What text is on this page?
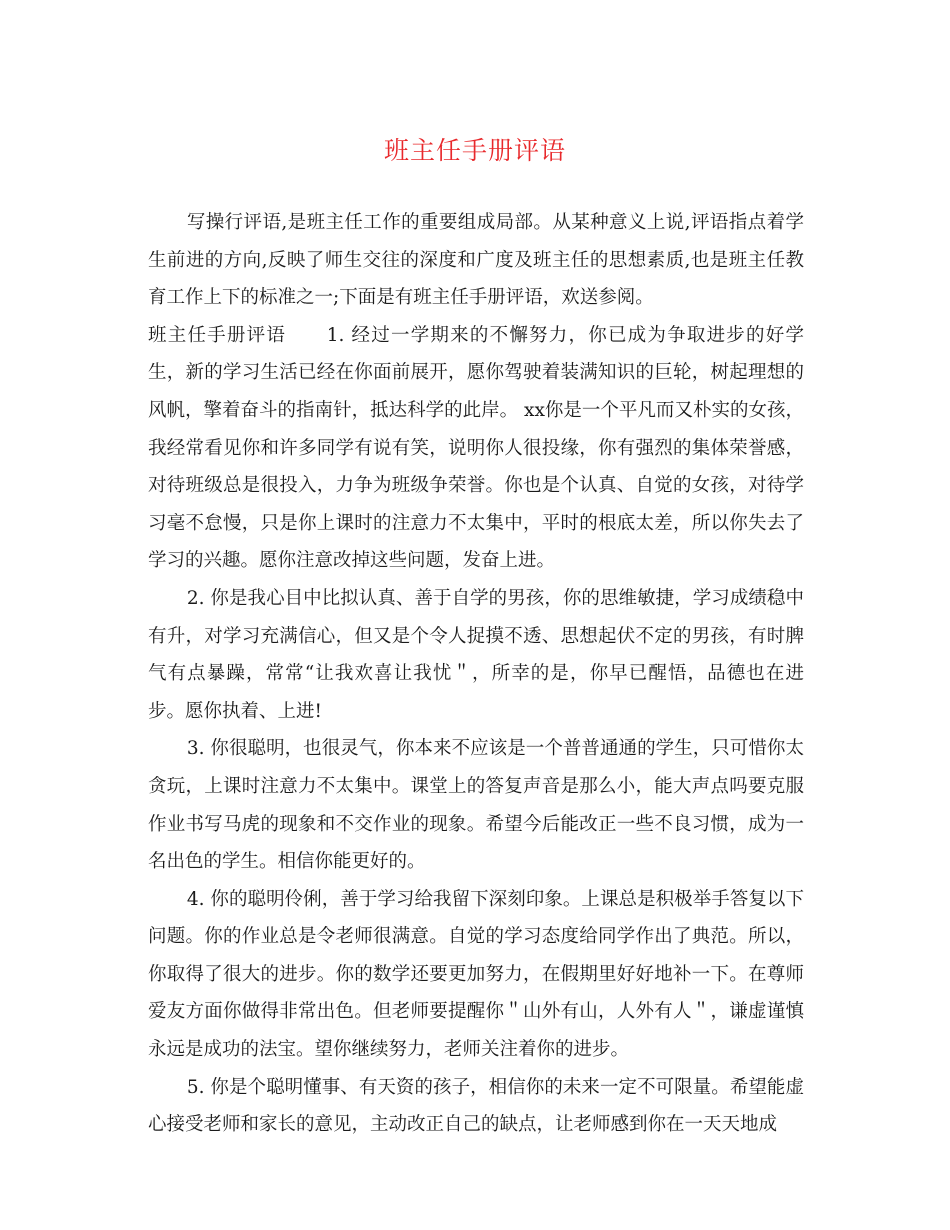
班主任手册评语

写操行评语,是班主任工作的重要组成局部。从某种意义上说,评语指点着学生前进的方向,反映了师生交往的深度和广度及班主任的思想素质,也是班主任教育工作上下的标准之一;下面是有班主任手册评语，欢送参阅。

班主任手册评语 1. 经过一学期来的不懈努力，你已成为争取进步的好学生，新的学习生活已经在你面前展开，愿你驾驶着装满知识的巨轮，树起理想的风帆，擎着奋斗的指南针，抵达科学的此岸。 xx你是一个平凡而又朴实的女孩，我经常看见你和许多同学有说有笑，说明你人很投缘，你有强烈的集体荣誉感，对待班级总是很投入，力争为班级争荣誉。你也是个认真、自觉的女孩，对待学习毫不怠慢，只是你上课时的注意力不太集中，平时的根底太差，所以你失去了学习的兴趣。愿你注意改掉这些问题，发奋上进。

2. 你是我心目中比拟认真、善于自学的男孩，你的思维敏捷，学习成绩稳中有升，对学习充满信心，但又是个令人捉摸不透、思想起伏不定的男孩，有时脾气有点暴躁，常常“让我欢喜让我忧＂，所幸的是，你早已醒悟，品德也在进步。愿你执着、上进!

3. 你很聪明，也很灵气，你本来不应该是一个普普通通的学生，只可惜你太贪玩，上课时注意力不太集中。课堂上的答复声音是那么小，能大声点吗要克服作业书写马虎的现象和不交作业的现象。希望今后能改正一些不良习惯，成为一名出色的学生。相信你能更好的。

4. 你的聪明伶俐，善于学习给我留下深刻印象。上课总是积极举手答复以下问题。你的作业总是令老师很满意。自觉的学习态度给同学作出了典范。所以，你取得了很大的进步。你的数学还要更加努力，在假期里好好地补一下。在尊师爱友方面你做得非常出色。但老师要提醒你＂山外有山，人外有人＂，谦虚谨慎永远是成功的法宝。望你继续努力，老师关注着你的进步。

5. 你是个聪明懂事、有天资的孩子，相信你的未来一定不可限量。希望能虚心接受老师和家长的意见，主动改正自己的缺点，让老师感到你在一天天地成
